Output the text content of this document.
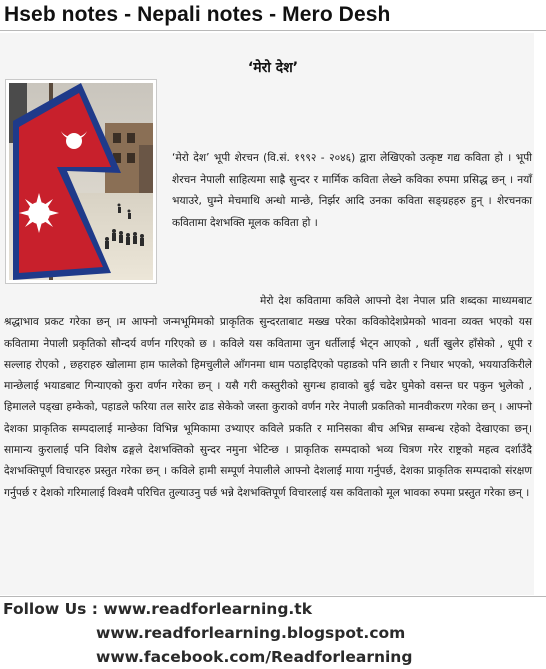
Hseb notes - Nepali notes - Mero Desh
‘मेरो देश’

‘मेरो देश’ भूपी शेरचन (वि.सं. १९९२ - २०४६) द्वारा लेखिएको उत्कृष्ट गद्य कविता हो । भूपी शेरचन नेपाली साहित्यमा साह्रै सुन्दर र मार्मिक कविता लेख्ने कविका रुपमा प्रसिद्ध छन् । नयाँ भयाउरे, घुम्ने मेचमाथि अन्धो मान्छे, निर्झर आदि उनका कविता सङ्ग्रहहरु हुन् । शेरचनका कवितामा देशभक्ति मूलक कविता हो ।

मेरो देश कवितामा कविले आफ्नो देश नेपाल प्रति शब्दका माध्यमबाट श्रद्धाभाव प्रकट गरेका छन् ।म आफ्नो जन्मभूमिमको प्राकृतिक सुन्दरताबाट मख्ख परेका कविकोदेशप्रेमको भावना व्यक्त भएको यस कवितामा नेपाली प्रकृतिको सौन्दर्य वर्णन गरिएको छ । कविले यस कवितामा जुन धर्तीलाई भेट्न आएको , धर्ती खुलेर हाँसेको , धूपी र सल्लाह रोएको , छहराहरु खोलामा हाम फालेको हिमचुलीले आँगनमा धाम पठाइदिएको पहाडको पनि छाती र निधार भएको, भययाउकिरीले मान्छेलाई भयाडबाट गिन्याएको कुरा वर्णन गरेका छन् । यसै गरी कस्तुरीको सुगन्ध हावाको बुई चढेर घुमेको वसन्त घर पकुन भुलेको , हिमालले पड्खा हम्केको, पहाडले फरिया तल सारेर ढाड सेकेको जस्ता कुराको वर्णन गरेर नेपाली प्रकतिको मानवीकरण गरेका छन् । आफ्नो देशका प्राकृतिक सम्पदालाई मान्छेका विभिन्न भूमिकामा उभ्याएर कविले प्रकति र मानिसका बीच अभिन्न सम्बन्ध रहेको देखाएका छन्। सामान्य कुरालाई पनि विशेष ढङ्गले देशभक्तिको सुन्दर नमुना भेटिन्छ । प्राकृतिक सम्पदाको भव्य चित्रण गरेर राष्ट्रको महत्व दर्शाउँदै देशभक्तिपूर्ण विचारहरु प्रस्तुत गरेका छन् । कविले हामी सम्पूर्ण नेपालीले आफ्नो देशलाई माया गर्नुपर्छ, देशका प्राकृतिक सम्पदाको संरक्षण गर्नुपर्छ र देशको गरिमालाई विश्वमै परिचित तुल्याउनु पर्छ भन्ने देशभक्तिपूर्ण विचारलाई यस कविताको मूल भावका रुपमा प्रस्तुत गरेका छन् ।

Follow Us : www.readforlearning.tk
www.readforlearning.blogspot.com
www.facebook.com/Readforlearning
